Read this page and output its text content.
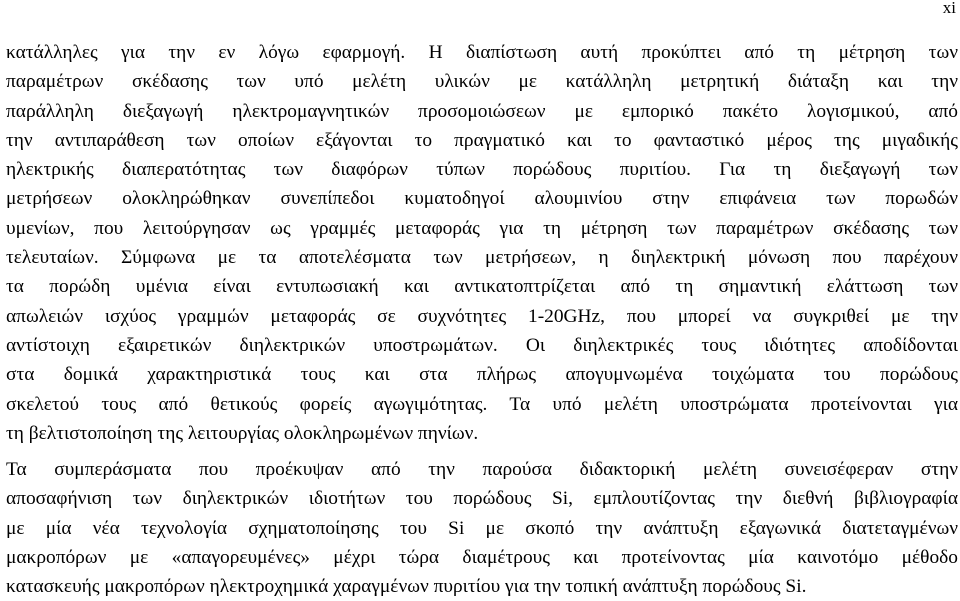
xi
κατάλληλες για την εν λόγω εφαρμογή. Η διαπίστωση αυτή προκύπτει από τη μέτρηση των
παραμέτρων σκέδασης των υπό μελέτη υλικών με κατάλληλη μετρητική διάταξη και την
παράλληλη διεξαγωγή ηλεκτρομαγνητικών προσομοιώσεων με εμπορικό πακέτο λογισμικού, από
την αντιπαράθεση των οποίων εξάγονται το πραγματικό και το φανταστικό μέρος της μιγαδικής
ηλεκτρικής διαπερατότητας των διαφόρων τύπων πορώδους πυριτίου. Για τη διεξαγωγή των
μετρήσεων ολοκληρώθηκαν συνεπίπεδοι κυματοδηγοί αλουμινίου στην επιφάνεια των πορωδών
υμενίων, που λειτούργησαν ως γραμμές μεταφοράς για τη μέτρηση των παραμέτρων σκέδασης των
τελευταίων. Σύμφωνα με τα αποτελέσματα των μετρήσεων, η διηλεκτρική μόνωση που παρέχουν
τα πορώδη υμένια είναι εντυπωσιακή και αντικατοπτρίζεται από τη σημαντική ελάττωση των
απωλειών ισχύος γραμμών μεταφοράς σε συχνότητες 1-20GHz, που μπορεί να συγκριθεί με την
αντίστοιχη εξαιρετικών διηλεκτρικών υποστρωμάτων. Οι διηλεκτρικές τους ιδιότητες αποδίδονται
στα δομικά χαρακτηριστικά τους και στα πλήρως απογυμνωμένα τοιχώματα του πορώδους
σκελετού τους από θετικούς φορείς αγωγιμότητας. Τα υπό μελέτη υποστρώματα προτείνονται για
τη βελτιστοποίηση της λειτουργίας ολοκληρωμένων πηνίων.
Τα συμπεράσματα που προέκυψαν από την παρούσα διδακτορική μελέτη συνεισέφεραν στην
αποσαφήνιση των διηλεκτρικών ιδιοτήτων του πορώδους Si, εμπλουτίζοντας την διεθνή βιβλιογραφία
με μία νέα τεχνολογία σχηματοποίησης του Si με σκοπό την ανάπτυξη εξαγωνικά διατεταγμένων
μακροπόρων με «απαγορευμένες» μέχρι τώρα διαμέτρους και προτείνοντας μία καινοτόμο μέθοδο
κατασκευής μακροπόρων ηλεκτροχημικά χαραγμένων πυριτίου για την τοπική ανάπτυξη πορώδους Si.
